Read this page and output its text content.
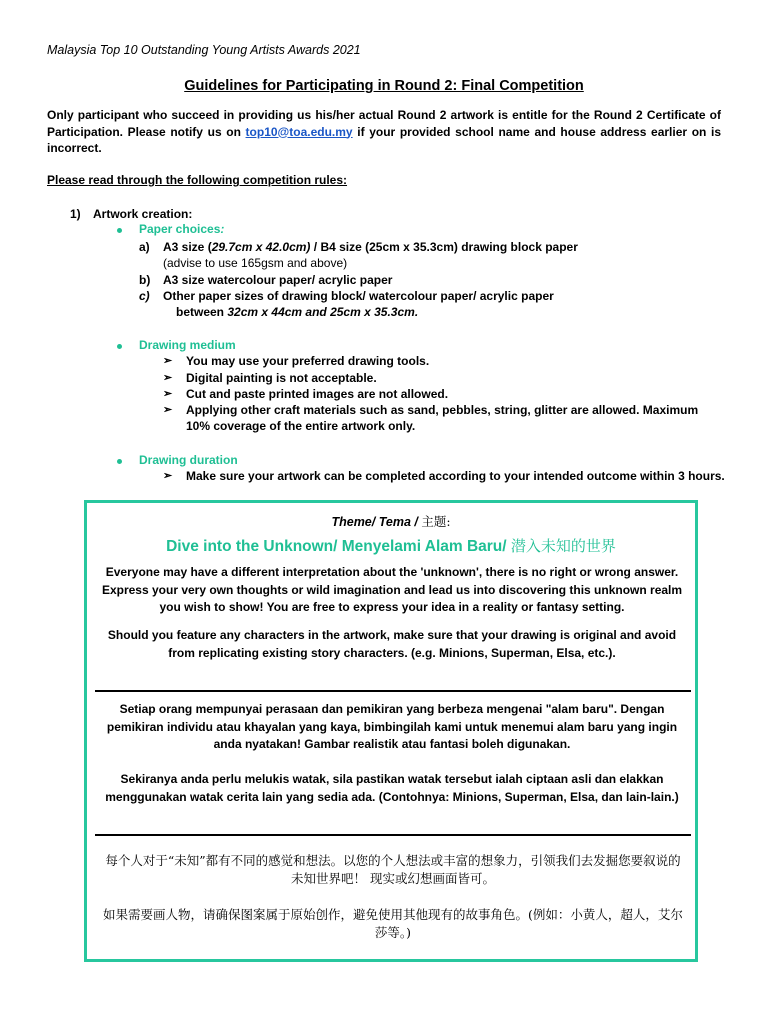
Malaysia Top 10 Outstanding Young Artists Awards 2021
Guidelines for Participating in Round 2: Final Competition
Only participant who succeed in providing us his/her actual Round 2 artwork is entitle for the Round 2 Certificate of Participation. Please notify us on top10@toa.edu.my if your provided school name and house address earlier on is incorrect.
Please read through the following competition rules:
1) Artwork creation:
Paper choices:
a) A3 size (29.7cm x 42.0cm) / B4 size (25cm x 35.3cm) drawing block paper
(advise to use 165gsm and above)
b) A3 size watercolour paper/ acrylic paper
c) Other paper sizes of drawing block/ watercolour paper/ acrylic paper
between 32cm x 44cm and 25cm x 35.3cm.
Drawing medium
➢ You may use your preferred drawing tools.
➢ Digital painting is not acceptable.
➢ Cut and paste printed images are not allowed.
➢ Applying other craft materials such as sand, pebbles, string, glitter are allowed. Maximum
10% coverage of the entire artwork only.
Drawing duration
➢ Make sure your artwork can be completed according to your intended outcome within 3 hours.
Theme/ Tema / 主题:
Dive into the Unknown/ Menyelami Alam Baru/ 潜入未知的世界
Everyone may have a different interpretation about the 'unknown', there is no right or wrong answer. Express your very own thoughts or wild imagination and lead us into discovering this unknown realm you wish to show! You are free to express your idea in a reality or fantasy setting.
Should you feature any characters in the artwork, make sure that your drawing is original and avoid from replicating existing story characters. (e.g. Minions, Superman, Elsa, etc.).
Setiap orang mempunyai perasaan dan pemikiran yang berbeza mengenai "alam baru". Dengan pemikiran individu atau khayalan yang kaya, bimbingilah kami untuk menemui alam baru yang ingin anda nyatakan! Gambar realistik atau fantasi boleh digunakan.
Sekiranya anda perlu melukis watak, sila pastikan watak tersebut ialah ciptaan asli dan elakkan menggunakan watak cerita lain yang sedia ada. (Contohnya: Minions, Superman, Elsa, dan lain-lain.)
每个人对于“未知”都有不同的感觉和想法。以您的个人想法或丰富的想象力，引领我们去发掘您要叙说的未知世界吧！ 现实或幻想画面皆可。
如果需要画人物，请确保图案属于原始创作，避免使用其他现有的故事角色。(例如：小黄人，超人，艾尔莎等。)
